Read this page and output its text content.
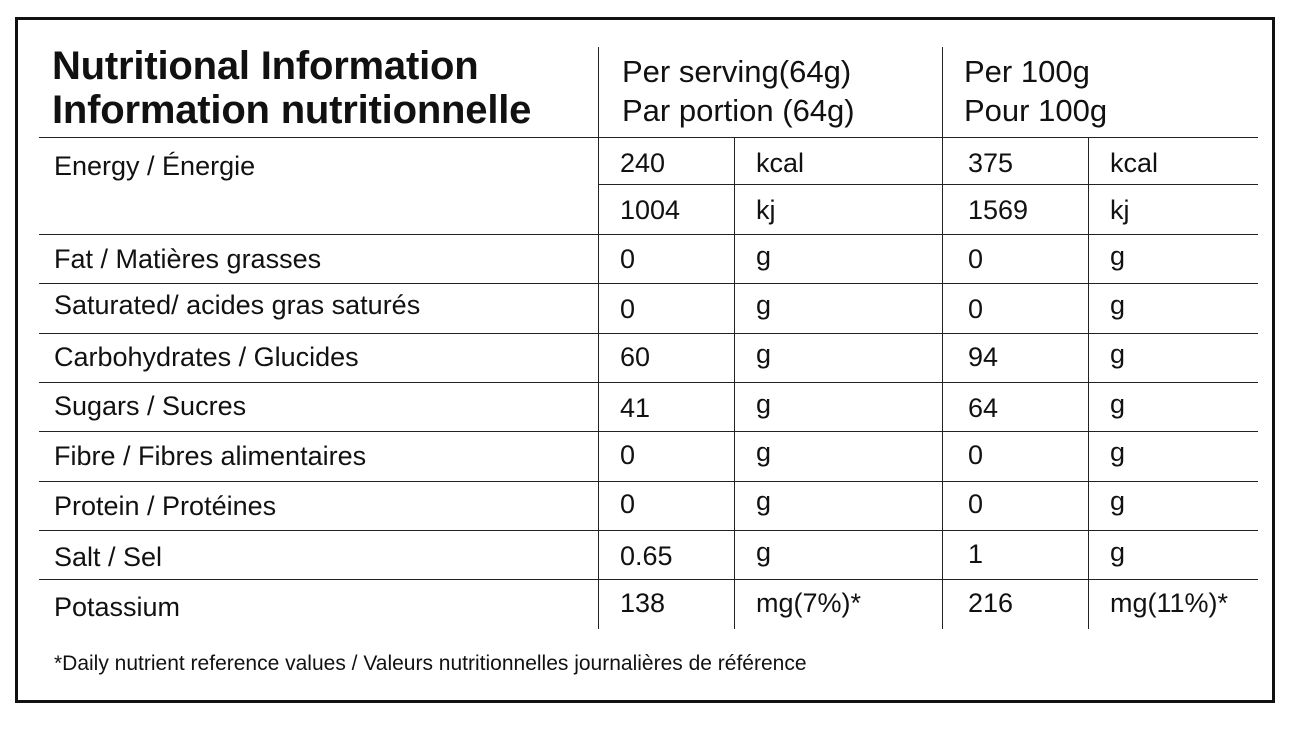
Nutritional Information
Information nutritionnelle
Per serving(64g)
Par portion (64g)
Per 100g
Pour 100g
Energy / Énergie	240	kcal	375	kcal
1004	kj	1569	kj
Fat / Matières grasses	0	g	0	g
Saturated/ acides gras saturés	0	g	0	g
Carbohydrates / Glucides	60	g	94	g
Sugars / Sucres	41	g	64	g
Fibre / Fibres alimentaires	0	g	0	g
Protein / Protéines	0	g	0	g
Salt / Sel	0.65	g	1	g
Potassium	138	mg(7%)*	216	mg(11%)*
*Daily nutrient reference values / Valeurs nutritionnelles journalières de référence
